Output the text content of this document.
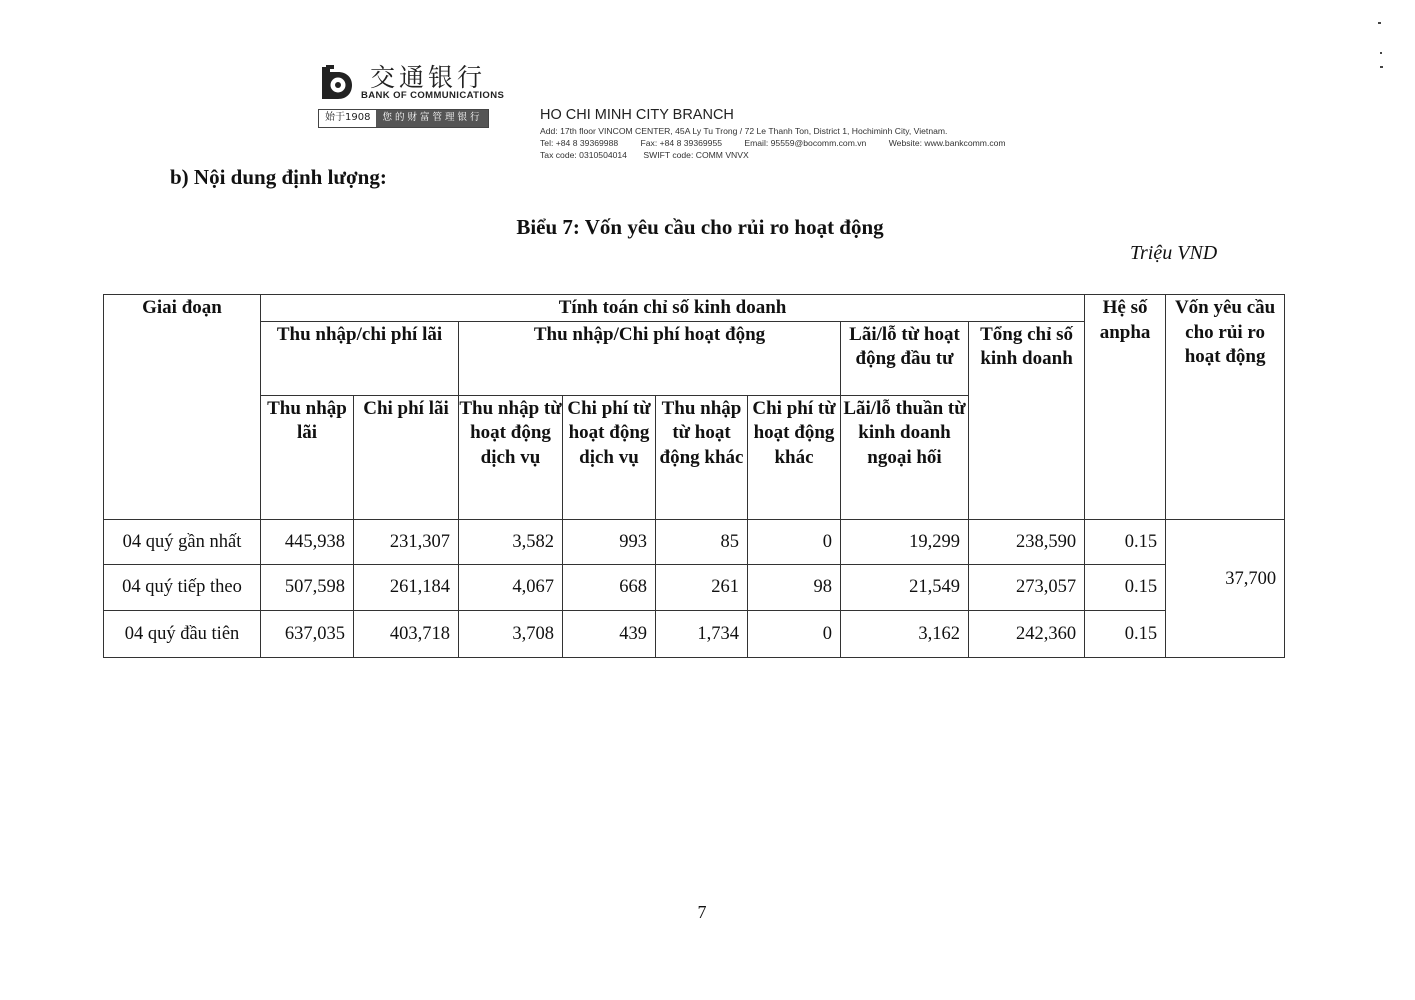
交通银行
BANK OF COMMUNICATIONS
始于1908	您的财富管理银行	HO CHI MINH CITY BRANCH
Add: 17th floor VINCOM CENTER, 45A Ly Tu Trong / 72 Le Thanh Ton, District 1, Hochiminh City, Vietnam.
Tel: +84 8 39369988	Fax: +84 8 39369955	Email: 95559@bocomm.com.vn	Website: www.bankcomm.com
Tax code: 0310504014 SWIFT code: COMM VNVX
b) Nội dung định lượng:
Biểu 7: Vốn yêu cầu cho rủi ro hoạt động
Triệu VND
Giai đoạn	Tính toán chỉ số kinh doanh								Hệ số anpha	Vốn yêu cầu cho rủi ro hoạt động
	Thu nhập/chi phí lãi		Thu nhập/Chi phí hoạt động				Lãi/lỗ từ hoạt động đầu tư	Tổng chỉ số kinh doanh		
	Thu nhập lãi	Chi phí lãi	Thu nhập từ hoạt động dịch vụ	Chi phí từ hoạt động dịch vụ	Thu nhập từ hoạt động khác	Chi phí từ hoạt động khác	Lãi/lỗ thuần từ kinh doanh ngoại hối			
04 quý gần nhất	445,938	231,307	3,582	993	85	0	19,299	238,590	0.15	37,700

04 quý tiếp theo	507,598	261,184	4,067	668	261	98	21,549	273,057	0.15	
04 quý đầu tiên	637,035	403,718	3,708	439	1,734	0	3,162	242,360	0.15	
7
